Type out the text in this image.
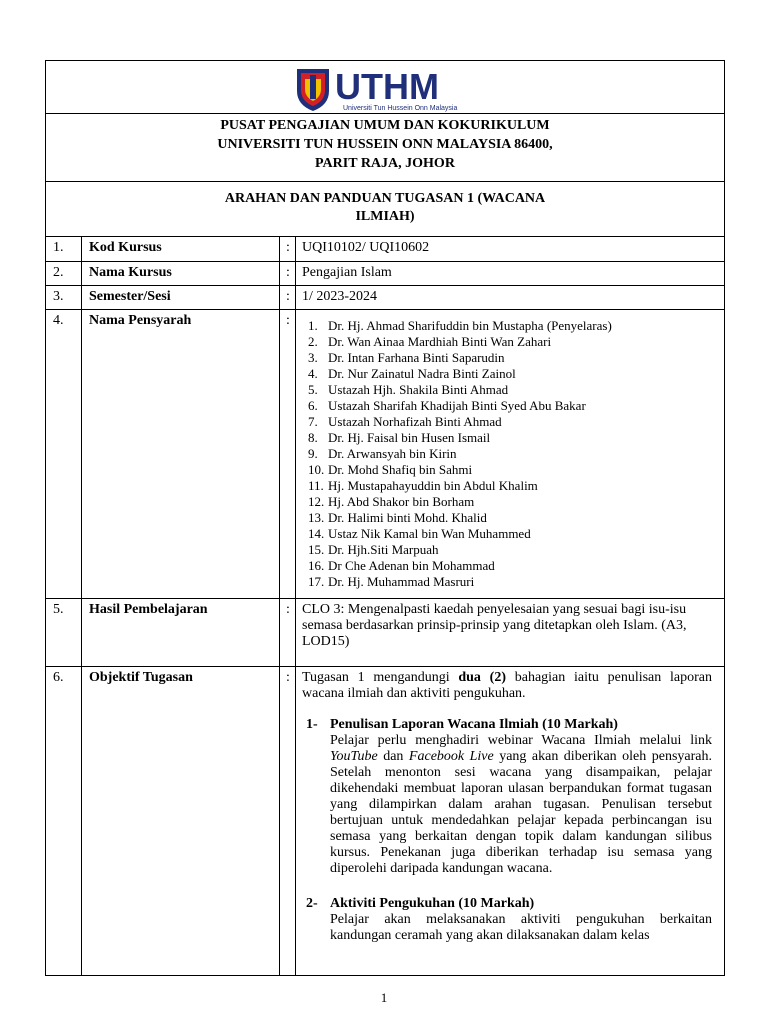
UTHM
Universiti Tun Hussein Onn Malaysia
PUSAT PENGAJIAN UMUM DAN KOKURIKULUM
UNIVERSITI TUN HUSSEIN ONN MALAYSIA 86400,
PARIT RAJA, JOHOR
ARAHAN DAN PANDUAN TUGASAN 1 (WACANA
ILMIAH)
1. Kod Kursus	: UQI10102/ UQI10602
2. Nama Kursus	: Pengajian Islam
3. Semester/Sesi	: 1/ 2023-2024
4. Nama Pensyarah	: 1. Dr. Hj. Ahmad Sharifuddin bin Mustapha (Penyelaras)
2. Dr. Wan Ainaa Mardhiah Binti Wan Zahari
3. Dr. Intan Farhana Binti Saparudin
4. Dr. Nur Zainatul Nadra Binti Zainol
5. Ustazah Hjh. Shakila Binti Ahmad
6. Ustazah Sharifah Khadijah Binti Syed Abu Bakar
7. Ustazah Norhafizah Binti Ahmad
8. Dr. Hj. Faisal bin Husen Ismail
9. Dr. Arwansyah bin Kirin
10. Dr. Mohd Shafiq bin Sahmi
11. Hj. Mustapahayuddin bin Abdul Khalim
12. Hj. Abd Shakor bin Borham
13. Dr. Halimi binti Mohd. Khalid
14. Ustaz Nik Kamal bin Wan Muhammed
15. Dr. Hjh.Siti Marpuah
16. Dr Che Adenan bin Mohammad
17. Dr. Hj. Muhammad Masruri
5. Hasil Pembelajaran	: CLO 3: Mengenalpasti kaedah penyelesaian yang sesuai bagi isu-isu semasa berdasarkan prinsip-prinsip yang ditetapkan oleh Islam. (A3, LOD15)
6. Objektif Tugasan	: Tugasan 1 mengandungi dua (2) bahagian iaitu penulisan laporan wacana ilmiah dan aktiviti pengukuhan.
1- Penulisan Laporan Wacana Ilmiah (10 Markah)
Pelajar perlu menghadiri webinar Wacana Ilmiah melalui link YouTube dan Facebook Live yang akan diberikan oleh pensyarah. Setelah menonton sesi wacana yang disampaikan, pelajar dikehendaki membuat laporan ulasan berpandukan format tugasan yang dilampirkan dalam arahan tugasan. Penulisan tersebut bertujuan untuk mendedahkan pelajar kepada perbincangan isu semasa yang berkaitan dengan topik dalam kandungan silibus kursus. Penekanan juga diberikan terhadap isu semasa yang diperolehi daripada kandungan wacana.
2- Aktiviti Pengukuhan (10 Markah)
Pelajar akan melaksanakan aktiviti pengukuhan berkaitan kandungan ceramah yang akan dilaksanakan dalam kelas
1
